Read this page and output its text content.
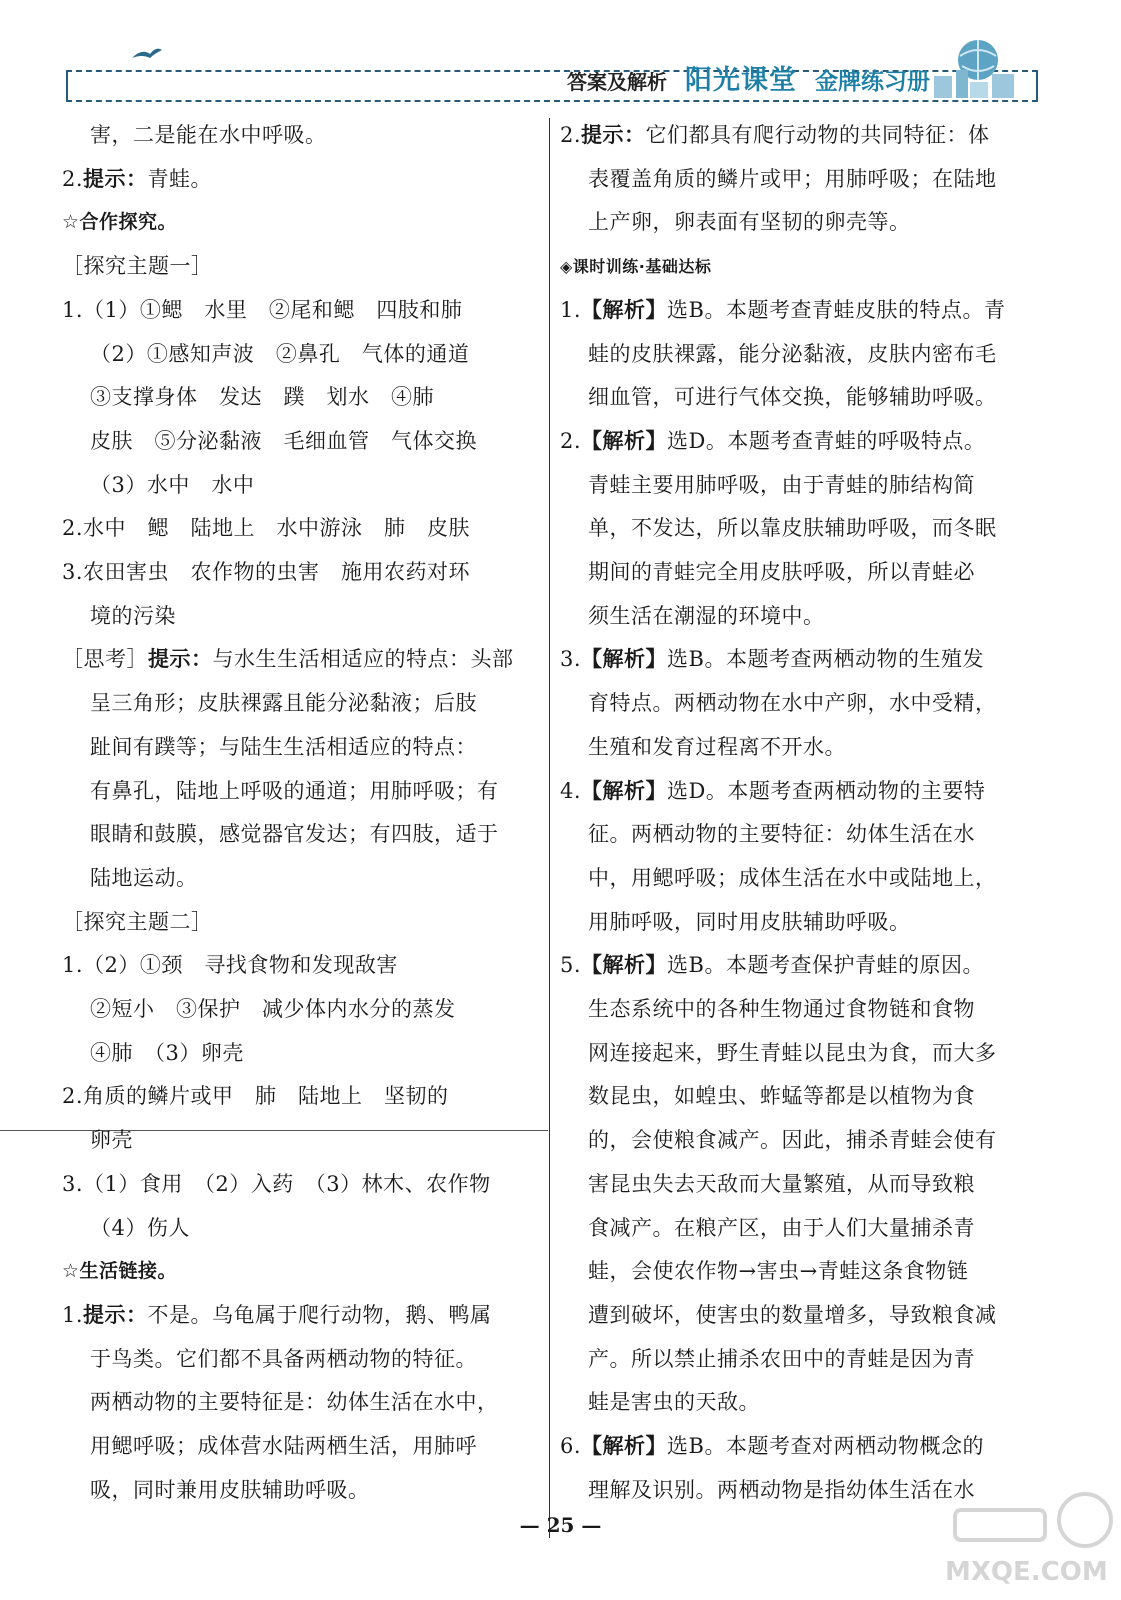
答案及解析 阳光课堂 金牌练习册
害，二是能在水中呼吸。
2.提示：青蛙。
☆合作探究。
［探究主题一］
1.（1）①鳃　水里　②尾和鳃　四肢和肺
（2）①感知声波　②鼻孔　气体的通道
③支撑身体　发达　蹼　划水　④肺
皮肤　⑤分泌黏液　毛细血管　气体交换
（3）水中　水中
2.水中　鳃　陆地上　水中游泳　肺　皮肤
3.农田害虫　农作物的虫害　施用农药对环
境的污染
［思考］提示：与水生生活相适应的特点：头部
呈三角形；皮肤裸露且能分泌黏液；后肢
趾间有蹼等；与陆生生活相适应的特点：
有鼻孔，陆地上呼吸的通道；用肺呼吸；有
眼睛和鼓膜，感觉器官发达；有四肢，适于
陆地运动。
［探究主题二］
1.（2）①颈　寻找食物和发现敌害
②短小　③保护　减少体内水分的蒸发
④肺　（3）卵壳
2.角质的鳞片或甲　肺　陆地上　坚韧的
卵壳
3.（1）食用　（2）入药　（3）林木、农作物
（4）伤人
☆生活链接。
1.提示：不是。乌龟属于爬行动物，鹅、鸭属
于鸟类。它们都不具备两栖动物的特征。
两栖动物的主要特征是：幼体生活在水中，
用鳃呼吸；成体营水陆两栖生活，用肺呼
吸，同时兼用皮肤辅助呼吸。
2.提示：它们都具有爬行动物的共同特征：体
表覆盖角质的鳞片或甲；用肺呼吸；在陆地
上产卵，卵表面有坚韧的卵壳等。
◈课时训练·基础达标
1.【解析】选B。本题考查青蛙皮肤的特点。青
蛙的皮肤裸露，能分泌黏液，皮肤内密布毛
细血管，可进行气体交换，能够辅助呼吸。
2.【解析】选D。本题考查青蛙的呼吸特点。
青蛙主要用肺呼吸，由于青蛙的肺结构简
单，不发达，所以靠皮肤辅助呼吸，而冬眠
期间的青蛙完全用皮肤呼吸，所以青蛙必
须生活在潮湿的环境中。
3.【解析】选B。本题考查两栖动物的生殖发
育特点。两栖动物在水中产卵，水中受精，
生殖和发育过程离不开水。
4.【解析】选D。本题考查两栖动物的主要特
征。两栖动物的主要特征：幼体生活在水
中，用鳃呼吸；成体生活在水中或陆地上，
用肺呼吸，同时用皮肤辅助呼吸。
5.【解析】选B。本题考查保护青蛙的原因。
生态系统中的各种生物通过食物链和食物
网连接起来，野生青蛙以昆虫为食，而大多
数昆虫，如蝗虫、蚱蜢等都是以植物为食
的，会使粮食减产。因此，捕杀青蛙会使有
害昆虫失去天敌而大量繁殖，从而导致粮
食减产。在粮产区，由于人们大量捕杀青
蛙，会使农作物→害虫→青蛙这条食物链
遭到破坏，使害虫的数量增多，导致粮食减
产。所以禁止捕杀农田中的青蛙是因为青
蛙是害虫的天敌。
6.【解析】选B。本题考查对两栖动物概念的
理解及识别。两栖动物是指幼体生活在水
— 25 —
MXQE.COM
